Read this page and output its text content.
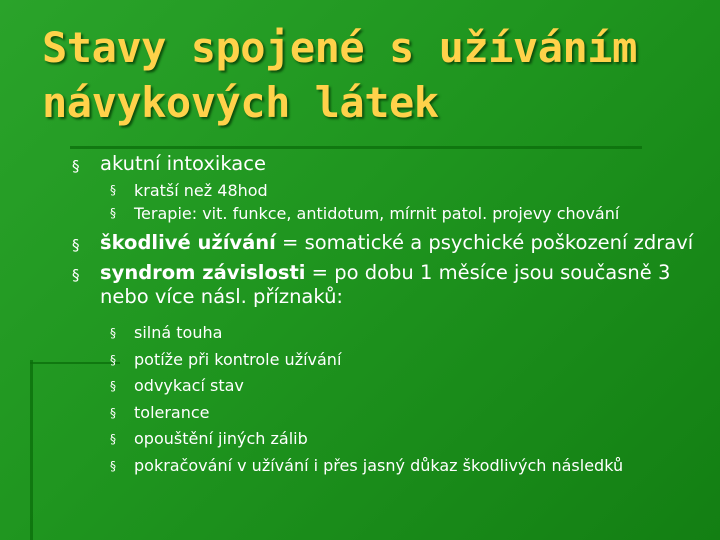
Stavy spojené s užíváním návykových látek
§ akutní intoxikace
§ kratší než 48hod
§ Terapie: vit. funkce, antidotum, mírnit patol. projevy chování
§ škodlivé užívání = somatické a psychické poškození zdraví
§ syndrom závislosti = po dobu 1 měsíce jsou současně 3 nebo více násl. příznaků:
§ silná touha
§ potíže při kontrole užívání
§ odvykací stav
§ tolerance
§ opouštění jiných zálib
§ pokračování v užívání i přes jasný důkaz škodlivých následků
